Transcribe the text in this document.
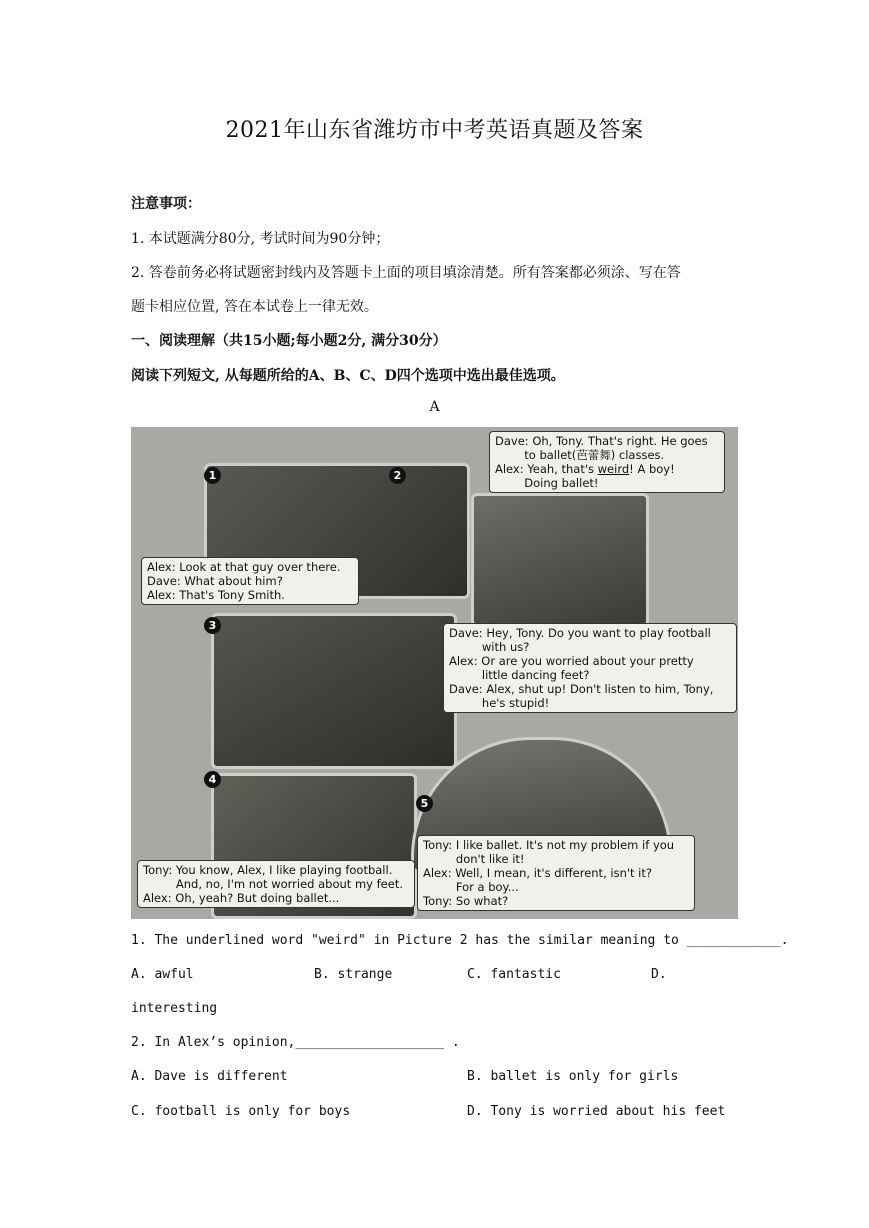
2021年山东省潍坊市中考英语真题及答案
注意事项：
1. 本试题满分80分, 考试时间为90分钟；
2. 答卷前务必将试题密封线内及答题卡上面的项目填涂清楚。所有答案都必须涂、写在答
题卡相应位置, 答在本试卷上一律无效。
一、阅读理解（共15小题;每小题2分, 满分30分）
阅读下列短文, 从每题所给的A、B、C、D四个选项中选出最佳选项。
A
1	2
3
4
5
Dave: Oh, Tony. That's right. He goes
to ballet(芭蕾舞) classes.
Alex: Yeah, that's weird! A boy!
Doing ballet!
Alex: Look at that guy over there.
Dave: What about him?
Alex: That's Tony Smith.
Dave: Hey, Tony. Do you want to play football
with us?
Alex: Or are you worried about your pretty
little dancing feet?
Dave: Alex, shut up! Don't listen to him, Tony,
he's stupid!
Tony: You know, Alex, I like playing football.
And, no, I'm not worried about my feet.
Alex: Oh, yeah? But doing ballet...
Tony: I like ballet. It's not my problem if you
don't like it!
Alex: Well, I mean, it's different, isn't it?
For a boy...
Tony: So what?
1. The underlined word "weird" in Picture 2 has the similar meaning to ____________.
A. awful	B. strange	C. fantastic	D.
interesting
2. In Alex’s opinion,___________________ .
A. Dave is different	B. ballet is only for girls
C. football is only for boys	D. Tony is worried about his feet
